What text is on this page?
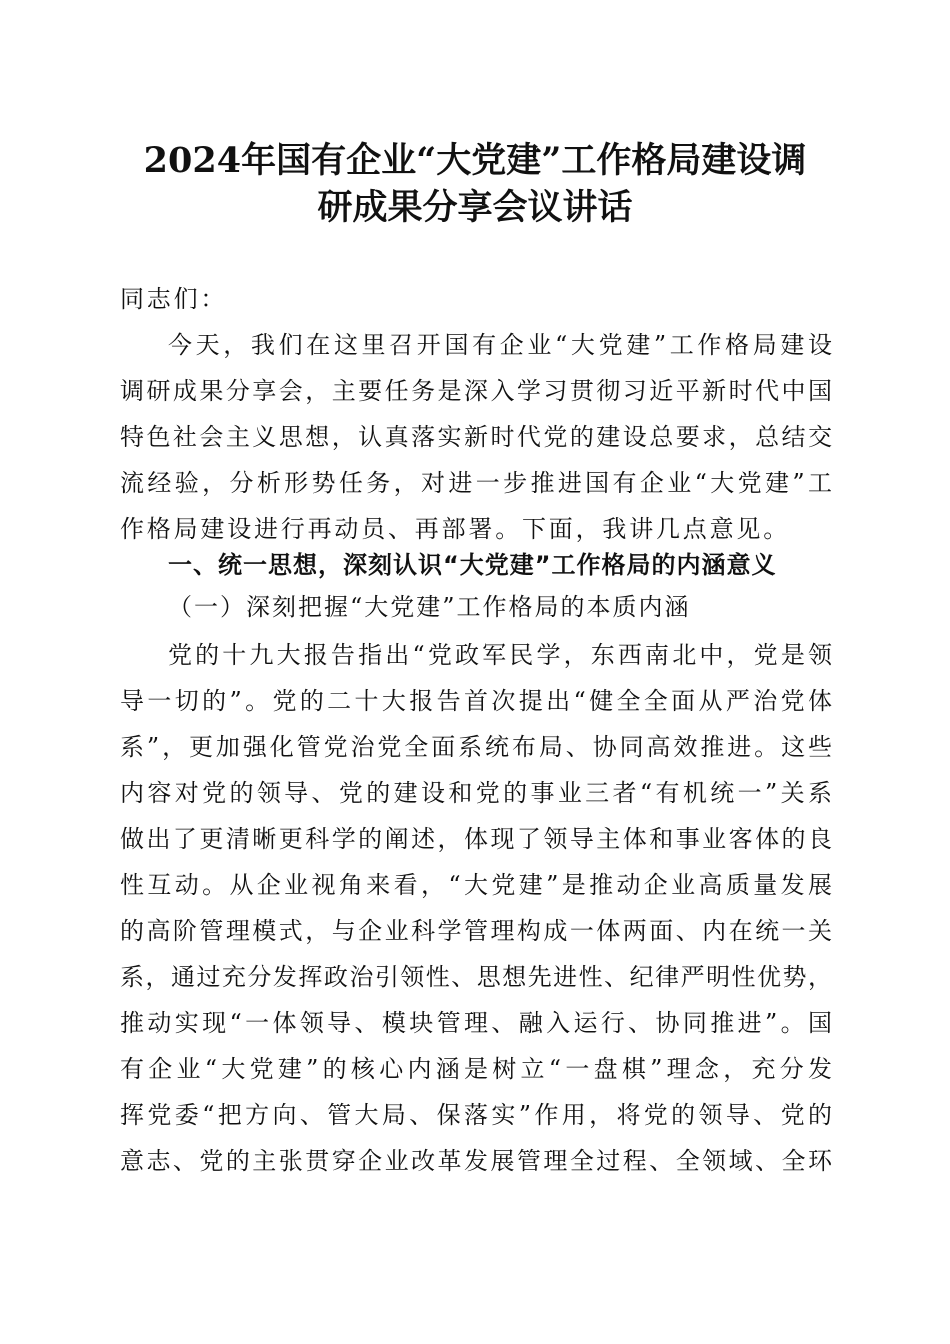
2024年国有企业“大党建”工作格局建设调
研成果分享会议讲话
同志们：
今天，我们在这里召开国有企业“大党建”工作格局建设
调研成果分享会，主要任务是深入学习贯彻习近平新时代中国
特色社会主义思想，认真落实新时代党的建设总要求，总结交
流经验，分析形势任务，对进一步推进国有企业“大党建”工
作格局建设进行再动员、再部署。下面，我讲几点意见。
一、统一思想，深刻认识“大党建”工作格局的内涵意义
（一）深刻把握“大党建”工作格局的本质内涵
党的十九大报告指出“党政军民学，东西南北中，党是领
导一切的”。党的二十大报告首次提出“健全全面从严治党体
系”，更加强化管党治党全面系统布局、协同高效推进。这些
内容对党的领导、党的建设和党的事业三者“有机统一”关系
做出了更清晰更科学的阐述，体现了领导主体和事业客体的良
性互动。从企业视角来看，“大党建”是推动企业高质量发展
的高阶管理模式，与企业科学管理构成一体两面、内在统一关
系，通过充分发挥政治引领性、思想先进性、纪律严明性优势，
推动实现“一体领导、模块管理、融入运行、协同推进”。国
有企业“大党建”的核心内涵是树立“一盘棋”理念，充分发
挥党委“把方向、管大局、保落实”作用，将党的领导、党的
意志、党的主张贯穿企业改革发展管理全过程、全领域、全环
